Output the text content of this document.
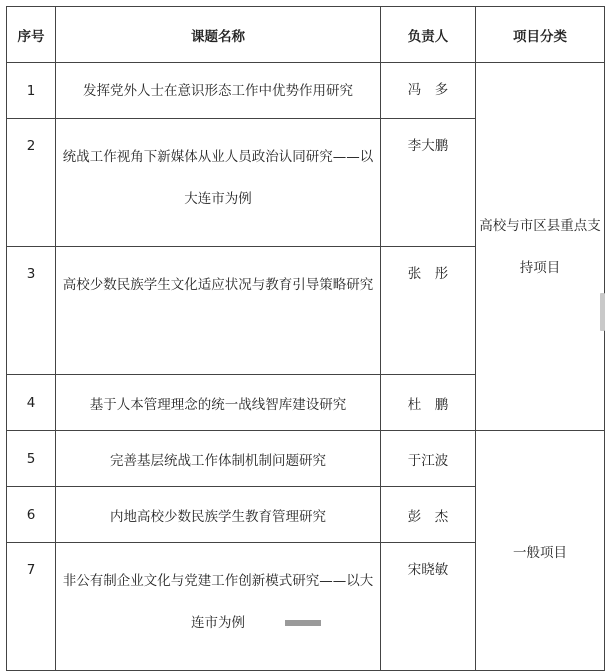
序号	课题名称	负责人	项目分类
1	发挥党外人士在意识形态工作中优势作用研究	冯　多	高校与市区县重点支持项目
2	统战工作视角下新媒体从业人员政治认同研究——以大连市为例	李大鹏	
3	高校少数民族学生文化适应状况与教育引导策略研究	张　彤	
4	基于人本管理理念的统一战线智库建设研究	杜　鹏	
5	完善基层统战工作体制机制问题研究	于江波	一般项目
6	内地高校少数民族学生教育管理研究	彭　杰	
7	非公有制企业文化与党建工作创新模式研究——以大连市为例	宋晓敏	
